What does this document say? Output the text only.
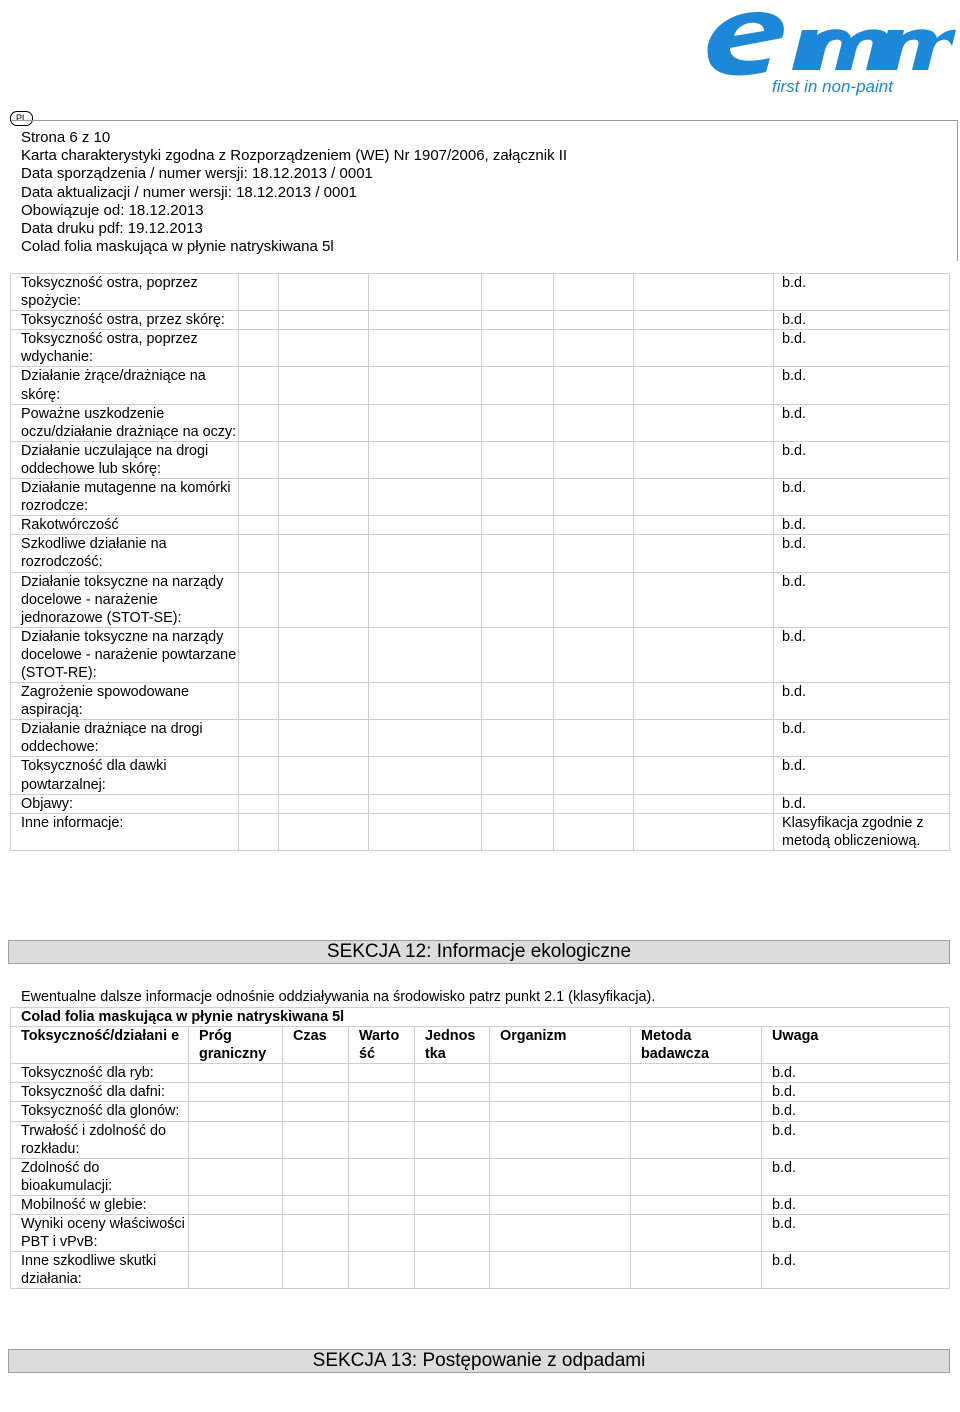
first in non-paint
PL
Strona 6 z 10
Karta charakterystyki zgodna z Rozporządzeniem (WE) Nr 1907/2006, załącznik II
Data sporządzenia / numer wersji: 18.12.2013 / 0001
Data aktualizacji / numer wersji: 18.12.2013 / 0001
Obowiązuje od: 18.12.2013
Data druku pdf: 19.12.2013
Colad folia maskująca w płynie natryskiwana 5l
Toksyczność ostra, poprzez spożycie:							b.d.
Toksyczność ostra, przez skórę:							b.d.
Toksyczność ostra, poprzez wdychanie:							b.d.
Działanie żrące/drażniące na skórę:							b.d.
Poważne uszkodzenie oczu/działanie drażniące na oczy:							b.d.
Działanie uczulające na drogi oddechowe lub skórę:							b.d.
Działanie mutagenne na komórki rozrodcze:							b.d.
Rakotwórczość							b.d.
Szkodliwe działanie na rozrodczość:							b.d.
Działanie toksyczne na narządy docelowe - narażenie jednorazowe (STOT-SE):							b.d.
Działanie toksyczne na narządy docelowe - narażenie powtarzane (STOT-RE):							b.d.
Zagrożenie spowodowane aspiracją:							b.d.
Działanie drażniące na drogi oddechowe:							b.d.
Toksyczność dla dawki powtarzalnej:							b.d.
Objawy:							b.d.
Inne informacje:							Klasyfikacja zgodnie z metodą obliczeniową.
SEKCJA 12: Informacje ekologiczne
Ewentualne dalsze informacje odnośnie oddziaływania na środowisko patrz punkt 2.1 (klasyfikacja).
Colad folia maskująca w płynie natryskiwana 5l							
Toksyczność/działani e	Próg graniczny	Czas	Warto ść	Jednos tka	Organizm	Metoda badawcza	Uwaga
Toksyczność dla ryb:							b.d.
Toksyczność dla dafni:							b.d.
Toksyczność dla glonów:							b.d.
Trwałość i zdolność do rozkładu:							b.d.
Zdolność do bioakumulacji:							b.d.
Mobilność w glebie:							b.d.
Wyniki oceny właściwości PBT i vPvB:							b.d.
Inne szkodliwe skutki działania:							b.d.
SEKCJA 13: Postępowanie z odpadami
